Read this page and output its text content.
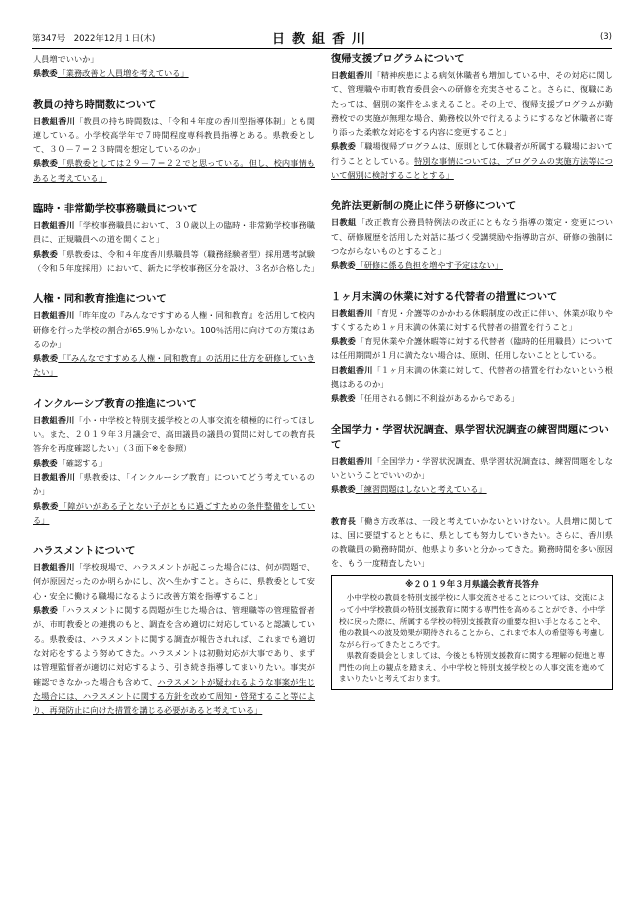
第347号　2022年12月１日(木)	日教組香川	(3)

人員増でいいか」

県教委「業務改善と人員増を考えている」

教員の持ち時間数について

日教組香川「教員の持ち時間数は、「令和４年度の香川型指導体制」とも関連している。小学校高学年で７時間程度専科教員指導とある。県教委として、３０－７＝２３時間を想定しているのか」

県教委「県教委としては２９－７＝２２でと思っている。但し、校内事情もあると考えている」

臨時・非常勤学校事務職員について

日教組香川「学校事務職員において、３０歳以上の臨時・非常勤学校事務職員に、正規職員への道を開くこと」

県教委「県教委は、令和４年度香川県職員等（職務経験者型）採用選考試験（令和５年度採用）において、新たに学校事務区分を設け、３名が合格した」

人権・同和教育推進について

日教組香川「昨年度の『みんなですすめる人権・同和教育』を活用して校内研修を行った学校の割合が65.9％しかない。100％活用に向けての方策はあるのか」

県教委「『みんなですすめる人権・同和教育』の活用に仕方を研修していきたい」

インクルーシブ教育の推進について

日教組香川「小・中学校と特別支援学校との人事交流を積極的に行ってほしい。また、２０１９年３月議会で、高田議員の議員の質問に対しての教育長答弁を再度確認したい」（３面下※を参照）

県教委「確認する」

日教組香川「県教委は、「インクルーシブ教育」についてどう考えているのか」

県教委「障がいがある子とない子がともに過ごすための条件整備をしている」

ハラスメントについて

日教組香川「学校現場で、ハラスメントが起こった場合には、何が問題で、何が原因だったのか明らかにし、次へ生かすこと。さらに、県教委として安心・安全に働ける職場になるように改善方策を指導すること」

県教委「ハラスメントに関する問題が生じた場合は、管理職等の管理監督者が、市町教委との連携のもと、調査を含め適切に対応していると認識している。県教委は、ハラスメントに関する調査が報告されれば、これまでも適切な対応をするよう努めてきた。ハラスメントは初動対応が大事であり、まずは管理監督者が適切に対応するよう、引き続き指導してまいりたい。事実が確認できなかった場合も含めて、ハラスメントが疑われるような事案が生じた場合には、ハラスメントに関する方針を改めて周知・啓発すること等により、再発防止に向けた措置を講じる必要があると考えている」

復帰支援プログラムについて

日教組香川「精神疾患による病気休職者も増加している中、その対応に関して、管理職や市町教育委員会への研修を充実させること。さらに、復職にあたっては、個別の案件をふまえること。その上で、復帰支援プログラムが勤務校での実施が無理な場合、勤務校以外で行えるようにするなど休職者に寄り添った柔軟な対応をする内容に変更すること」

県教委「職場復帰プログラムは、原則として休職者が所属する職場において行うこととしている。特別な事情については、プログラムの実施方法等について個別に検討することとする」

免許法更新制の廃止に伴う研修について

日教組「改正教育公務員特例法の改正にともなう指導の策定・変更について、研修履歴を活用した対話に基づく受講奨励や指導助言が、研修の強制につながらないものとすること」

県教委「研修に係る負担を増やす予定はない」

１ヶ月末満の休業に対する代替者の措置について

日教組香川「育児・介護等のかかわる休暇制度の改正に伴い、休業が取りやすくするため１ヶ月末満の休業に対する代替者の措置を行うこと」

県教委「育児休業や介護休暇等に対する代替者（臨時的任用職員）については任用期間が１月に満たない場合は、原則、任用しないこととしている。

日教組香川「１ヶ月末満の休業に対して、代替者の措置を行わないという根拠はあるのか」

県教委「任用される側に不利益があるからである」

全国学力・学習状況調査、県学習状況調査の練習問題について

日教組香川「全国学力・学習状況調査、県学習状況調査は、練習問題をしないということでいいのか」

県教委「練習問題はしないと考えている」

教育長「働き方改革は、一段と考えていかないといけない。人員増に関しては、国に要望するとともに、県としても努力していきたい。さらに、香川県の教職員の勤務時間が、他県より多いと分かってきた。勤務時間を多い原因を、もう一度精査したい」

※２０１９年３月県議会教育長答弁

小中学校の教員を特別支援学校に人事交流させることについては、交流によって小中学校教員の特別支援教育に関する専門性を高めることができ、小中学校に戻った際に、所属する学校の特別支援教育の重要な担い手となることや、他の教員への波及効果が期待されることから、これまで本人の希望等も考慮しながら行ってきたところです。

県教育委員会としましては、今後とも特別支援教育に関する理解の促進と専門性の向上の観点を踏まえ、小中学校と特別支援学校との人事交流を進めてまいりたいと考えております。
